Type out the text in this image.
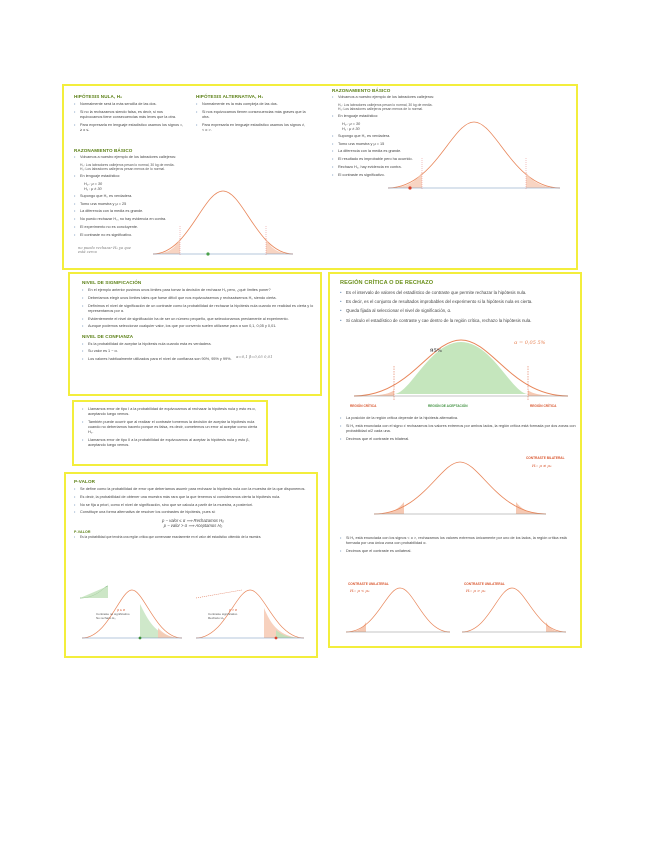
HIPÓTESIS NULA, H₀
• Normalmente será la más sencilla de las dos.
• Si no la rechazamos siendo falsa, es decir, si nos equivocamos tiene consecuencias más leves que la otra.
• Para expresarla en lenguaje estadístico usamos los signos =, ≥ o ≤.
HIPÓTESIS ALTERNATIVA, H₁
• Normalmente es la más compleja de las dos.
• Si nos equivocamos tienen consecuencias más graves que la otra.
• Para expresarla en lenguaje estadístico usamos los signos ≠, < o >.
RAZONAMIENTO BÁSICO
• Volvamos a nuestro ejemplo de los labradores callejeros:
H₀: Los labradores callejeros pesan lo normal, 30 kg de media.
H₁: Los labradores callejeros pesan menos de lo normal.
• En lenguaje estadístico:
H₀ : μ = 30
H₁ : μ ≠ 30
• Supongo que H₀ es verdadera.
• Tomo una muestra y μ = 25
• La diferencia con la media es grande.
• No puedo rechazar H₀, no hay evidencia en contra.
• El experimento no es concluyente.
• El contraste no es significativo.
no puedo rechazar H₀ ya que está cerca
RAZONAMIENTO BÁSICO
• Volvamos a nuestro ejemplo de los labradores callejeros:
H₀: Los labradores callejeros pesan lo normal, 30 kg de media.
H₁: Los labradores callejeros pesan menos de lo normal.
• En lenguaje estadístico:
H₀ : μ = 30
H₁ : μ ≠ 30
• Supongo que H₀ es verdadera.
• Tomo una muestra y μ = 15
• La diferencia con la media es grande.
• El resultado es improbable pero ha ocurrido.
• Rechazo H₀, hay evidencia en contra.
• El contraste es significativo.
NIVEL DE SIGNIFICACIÓN
• En el ejemplo anterior pusimos unos límites para tomar la decisión de rechazar H₀ pero, ¿qué límites poner?
• Deberíamos elegir unos límites tales que fuese difícil que nos equivocásemos y rechazásemos H₀ siendo cierta.
• Definimos el nivel de significación de un contraste como la probabilidad de rechazar la hipótesis nula cuando en realidad es cierta y lo representamos por α.
• Evidentemente el nivel de significación ha de ser un número pequeño, que seleccionamos previamente al experimento.
• Aunque podemos seleccionar cualquier valor, los que por convenio suelen utilizarse para α son 0,1, 0,05 y 0,01.
NIVEL DE CONFIANZA
• Es la probabilidad de aceptar la hipótesis nula cuando esta es verdadera.
• Su valor es 1 − α.
• Los valores habitualmente utilizados para el nivel de confianza son 90%, 95% y 99%.
α=0,1 β=0,05 0,01
• Llamamos error de tipo I a la probabilidad de equivocarnos al rechazar la hipótesis nula y esto es α, aceptando luego vemos.
• También puede ocurrir que al realizar el contraste tomemos la decisión de aceptar la hipótesis nula cuando no deberíamos hacerlo porque es falsa, es decir, cometemos un error al aceptar como cierta H₀.
• Llamamos error de tipo II a la probabilidad de equivocarnos al aceptar la hipótesis nula y esto β, aceptando luego vemos.
P-VALOR
• Se define como la probabilidad de error que deberíamos asumir para rechazar la hipótesis nula con la muestra de la que disponemos.
• Es decir, la probabilidad de obtener una muestra más rara que la que tenemos si consideramos cierta la hipótesis nula.
• No se fija a priori, como el nivel de significación, sino que se calcula a partir de la muestra, a posteriori.
• Constituye una forma alternativa de resolver los contrastes de hipótesis, pues si:
p − valor ≤ α ⟹ Rechazamos H₀
p − valor > α ⟹ Aceptamos H₀
P-VALOR
• Es la probabilidad que tendría una región crítica que comenzase exactamente en el valor del estadístico obtenido de la muestra.
p ≤ α
Contraste no significativo
No rechazo H₀
p > α
Contraste significativo
Rechazo H₀
REGIÓN CRÍTICA O DE RECHAZO
• Es el intervalo de valores del estadístico de contraste que permite rechazar la hipótesis nula.
• Es decir, es el conjunto de resultados improbables del experimento si la hipótesis nula es cierta.
• Queda fijada al seleccionar el nivel de significación, α.
• Si calculo el estadístico de contraste y cae dentro de la región crítica, rechazo la hipótesis nula.
α = 0,05 5%
95%
REGIÓN CRÍTICA	REGIÓN DE ACEPTACIÓN	REGIÓN CRÍTICA
• La posición de la región crítica depende de la hipótesis alternativa.
• Si H₁ está enunciada con el signo ≠ rechazamos los valores extremos por ambos lados, la región crítica está formada por dos zonas con probabilidad α/2 cada una.
• Decimos que el contraste es bilateral.
CONTRASTE BILATERAL
H₁: μ ≠ μ₀
• Si H₁ está enunciada con los signos < o >, rechazamos los valores extremos únicamente por uno de los lados, la región crítica está formada por una única zona con probabilidad α.
• Decimos que el contraste es unilateral.
CONTRASTE UNILATERAL
H₁: μ < μ₀
CONTRASTE UNILATERAL
H₁: μ > μ₀
